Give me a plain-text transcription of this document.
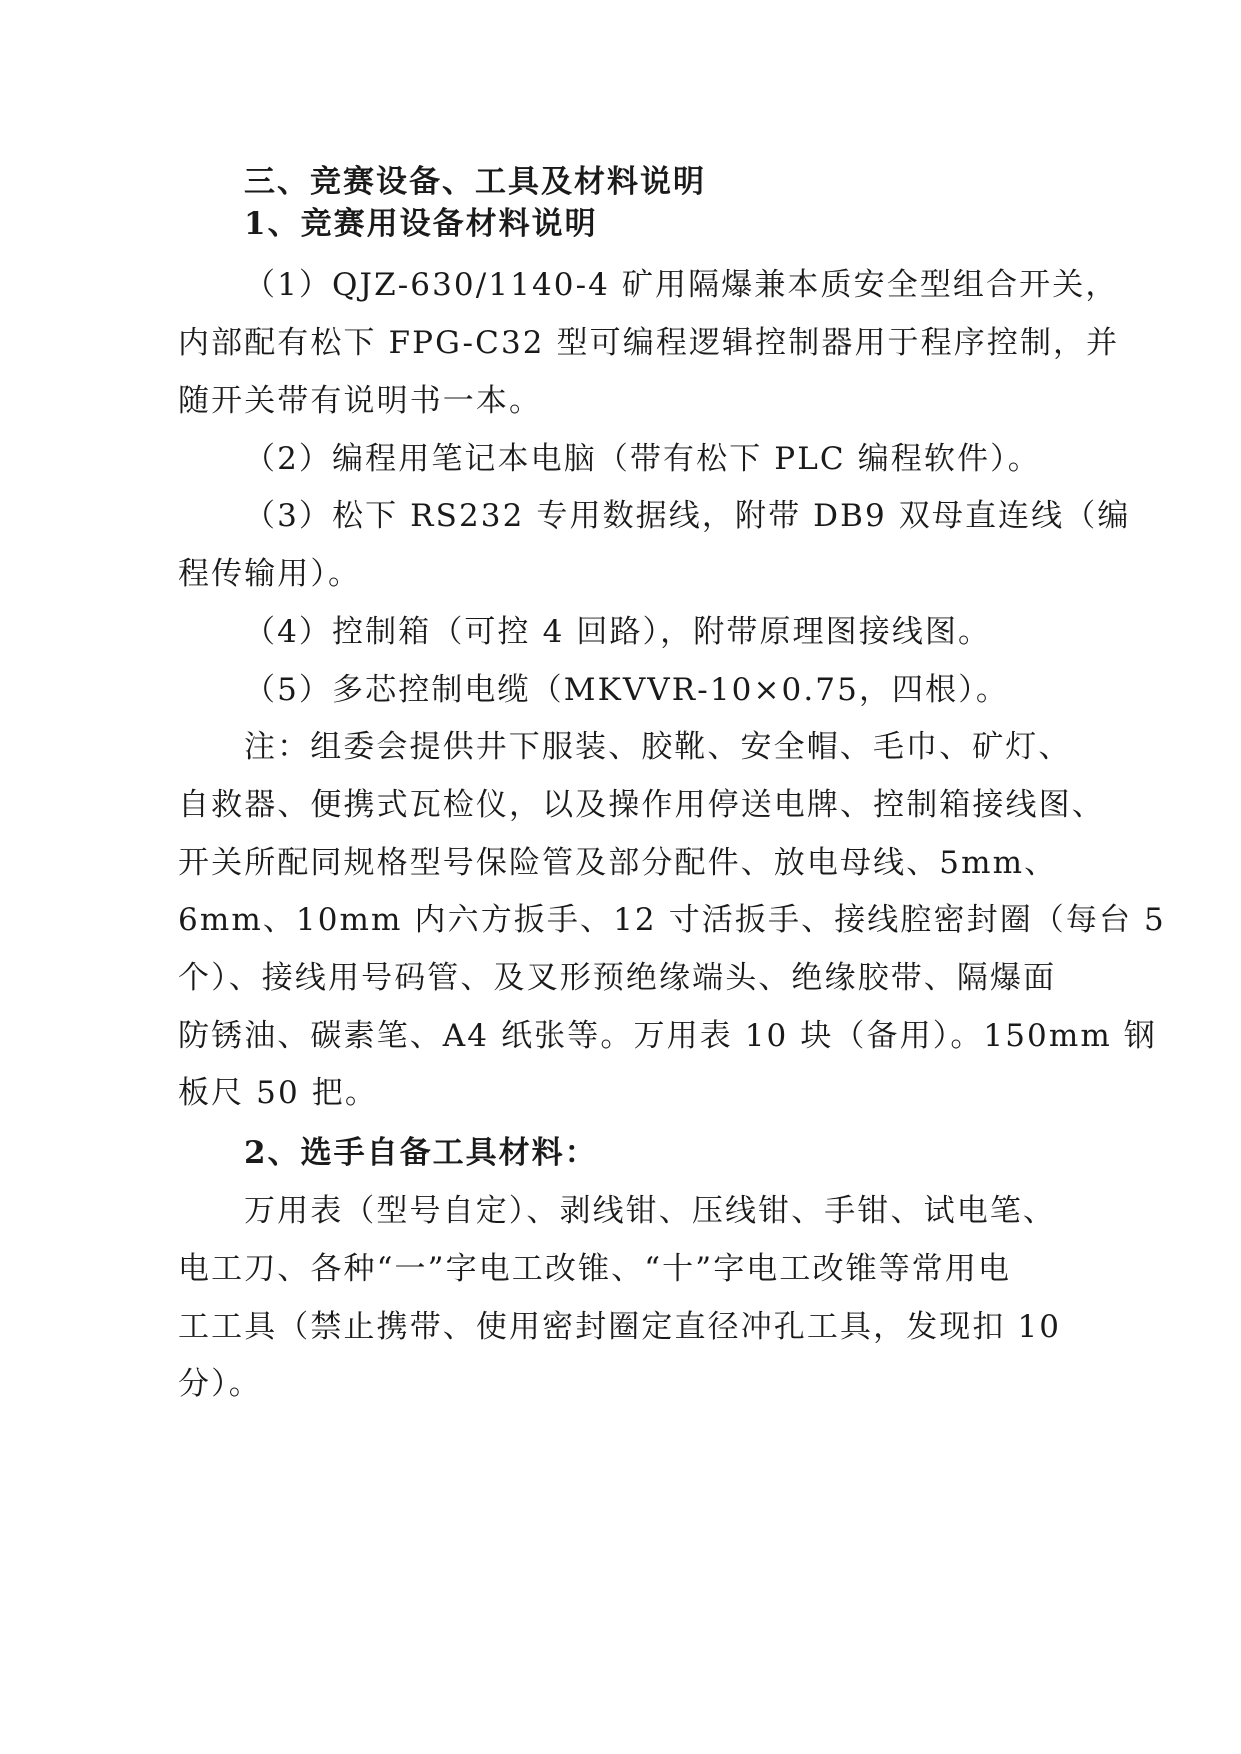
三、竞赛设备、工具及材料说明
1、竞赛用设备材料说明
（1）QJZ-630/1140-4 矿用隔爆兼本质安全型组合开关，
内部配有松下 FPG-C32 型可编程逻辑控制器用于程序控制，并
随开关带有说明书一本。
（2）编程用笔记本电脑（带有松下 PLC 编程软件）。
（3）松下 RS232 专用数据线，附带 DB9 双母直连线（编
程传输用）。
（4）控制箱（可控 4 回路），附带原理图接线图。
（5）多芯控制电缆（MKVVR-10×0.75，四根）。
注：组委会提供井下服装、胶靴、安全帽、毛巾、矿灯、
自救器、便携式瓦检仪，以及操作用停送电牌、控制箱接线图、
开关所配同规格型号保险管及部分配件、放电母线、5mm、
6mm、10mm 内六方扳手、12 寸活扳手、接线腔密封圈（每台 5
个）、接线用号码管、及叉形预绝缘端头、绝缘胶带、隔爆面
防锈油、碳素笔、A4 纸张等。万用表 10 块（备用）。150mm 钢
板尺 50 把。
2、选手自备工具材料：
万用表（型号自定）、剥线钳、压线钳、手钳、试电笔、
电工刀、各种“一”字电工改锥、“十”字电工改锥等常用电
工工具（禁止携带、使用密封圈定直径冲孔工具，发现扣 10
分）。
